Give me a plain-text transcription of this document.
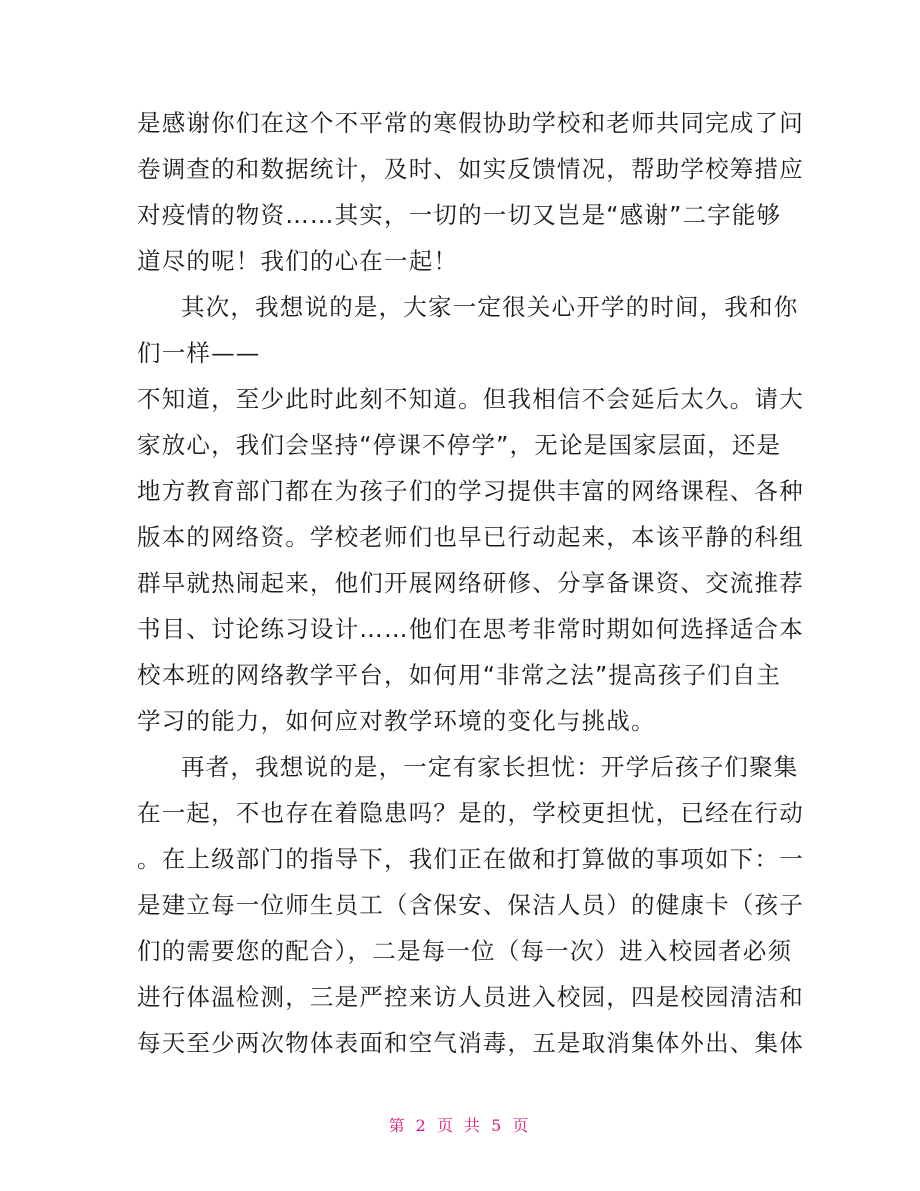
是感谢你们在这个不平常的寒假协助学校和老师共同完成了问
卷调查的和数据统计，及时、如实反馈情况，帮助学校筹措应
对疫情的物资……其实，一切的一切又岂是“感谢”二字能够
道尽的呢！我们的心在一起！
其次，我想说的是，大家一定很关心开学的时间，我和你
们一样——
不知道，至少此时此刻不知道。但我相信不会延后太久。请大
家放心，我们会坚持“停课不停学”，无论是国家层面，还是
地方教育部门都在为孩子们的学习提供丰富的网络课程、各种
版本的网络资。学校老师们也早已行动起来，本该平静的科组
群早就热闹起来，他们开展网络研修、分享备课资、交流推荐
书目、讨论练习设计……他们在思考非常时期如何选择适合本
校本班的网络教学平台，如何用“非常之法”提高孩子们自主
学习的能力，如何应对教学环境的变化与挑战。
再者，我想说的是，一定有家长担忧：开学后孩子们聚集
在一起，不也存在着隐患吗？是的，学校更担忧，已经在行动
。在上级部门的指导下，我们正在做和打算做的事项如下：一
是建立每一位师生员工（含保安、保洁人员）的健康卡（孩子
们的需要您的配合），二是每一位（每一次）进入校园者必须
进行体温检测，三是严控来访人员进入校园，四是校园清洁和
每天至少两次物体表面和空气消毒，五是取消集体外出、集体
第 2 页 共 5 页
